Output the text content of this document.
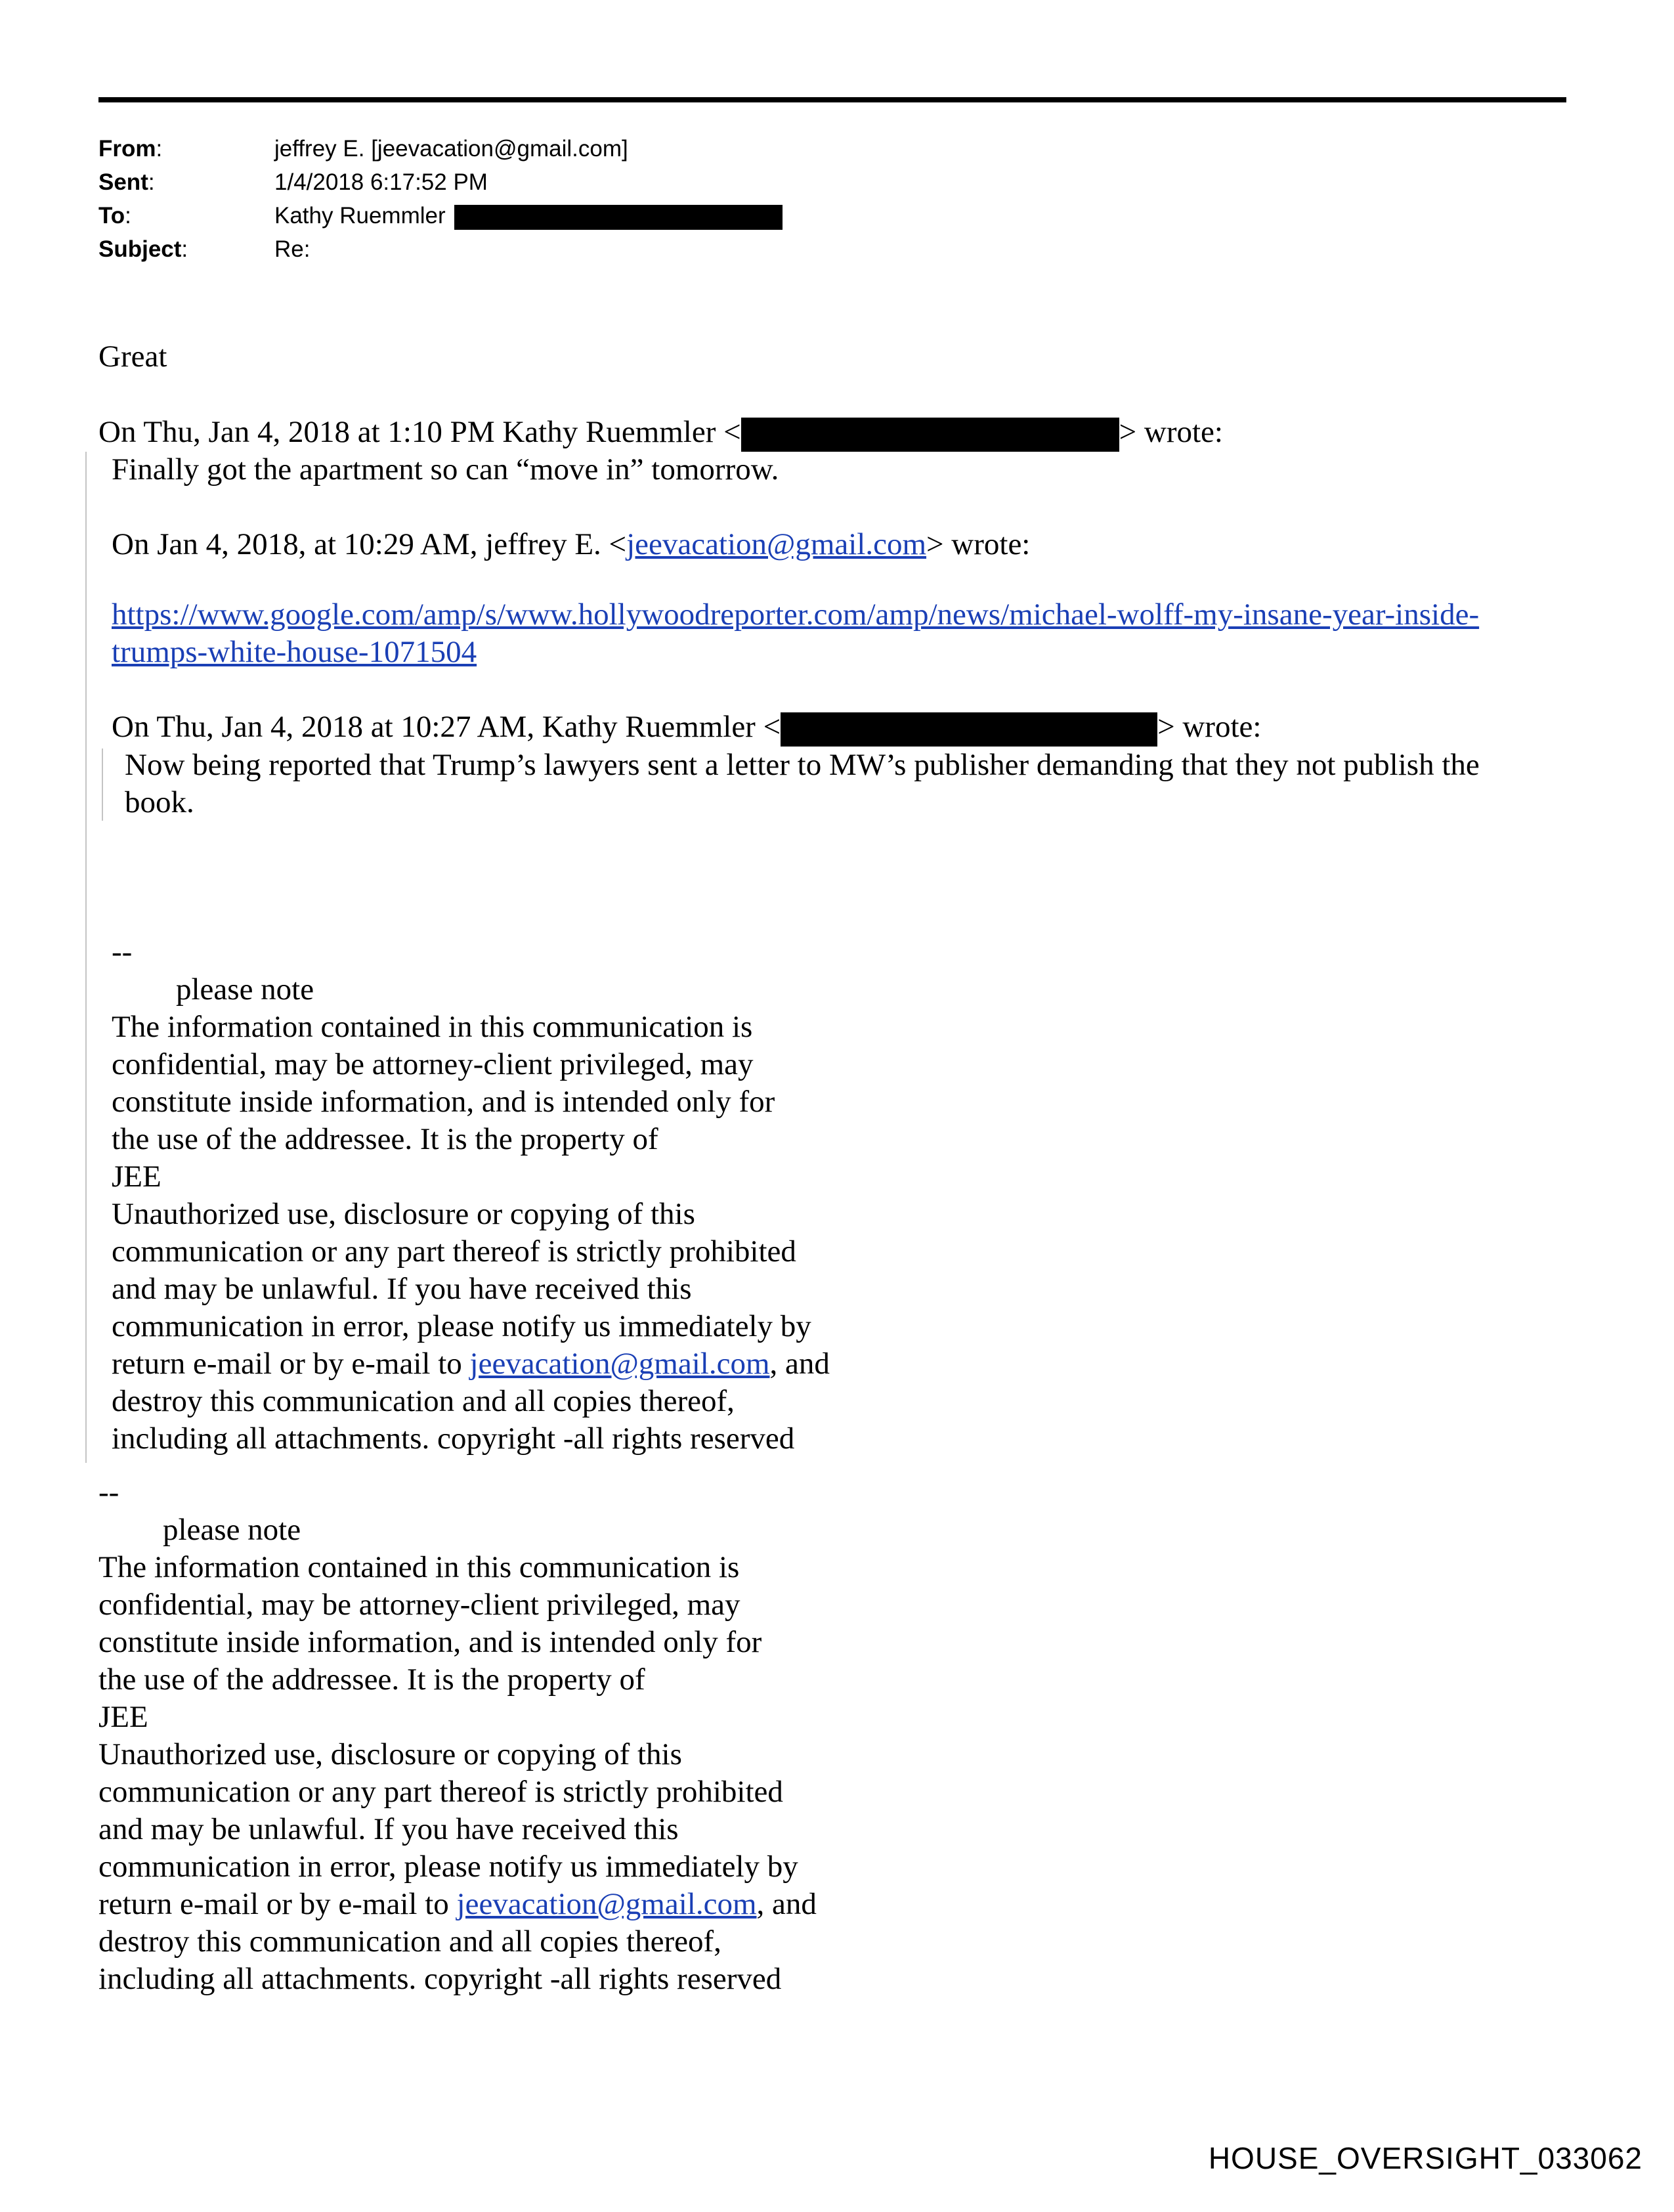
From:	jeffrey E. [jeevacation@gmail.com]
Sent:	1/4/2018 6:17:52 PM
To:	Kathy Ruemmler
Subject:	Re:
Great
On Thu, Jan 4, 2018 at 1:10 PM Kathy Ruemmler <	> wrote:
Finally got the apartment so can “move in” tomorrow.
On Jan 4, 2018, at 10:29 AM, jeffrey E. <jeevacation@gmail.com> wrote:
https://www.google.com/amp/s/www.hollywoodreporter.com/amp/news/michael-wolff-my-insane-year-inside-
trumps-white-house-1071504
On Thu, Jan 4, 2018 at 10:27 AM, Kathy Ruemmler <	> wrote:
Now being reported that Trump’s lawyers sent a letter to MW’s publisher demanding that they not publish the
book.
--
please note
The information contained in this communication is
confidential, may be attorney-client privileged, may
constitute inside information, and is intended only for
the use of the addressee. It is the property of
JEE
Unauthorized use, disclosure or copying of this
communication or any part thereof is strictly prohibited
and may be unlawful. If you have received this
communication in error, please notify us immediately by
return e-mail or by e-mail to jeevacation@gmail.com, and
destroy this communication and all copies thereof,
including all attachments. copyright -all rights reserved
--
please note
The information contained in this communication is
confidential, may be attorney-client privileged, may
constitute inside information, and is intended only for
the use of the addressee. It is the property of
JEE
Unauthorized use, disclosure or copying of this
communication or any part thereof is strictly prohibited
and may be unlawful. If you have received this
communication in error, please notify us immediately by
return e-mail or by e-mail to jeevacation@gmail.com, and
destroy this communication and all copies thereof,
including all attachments. copyright -all rights reserved
HOUSE_OVERSIGHT_033062
